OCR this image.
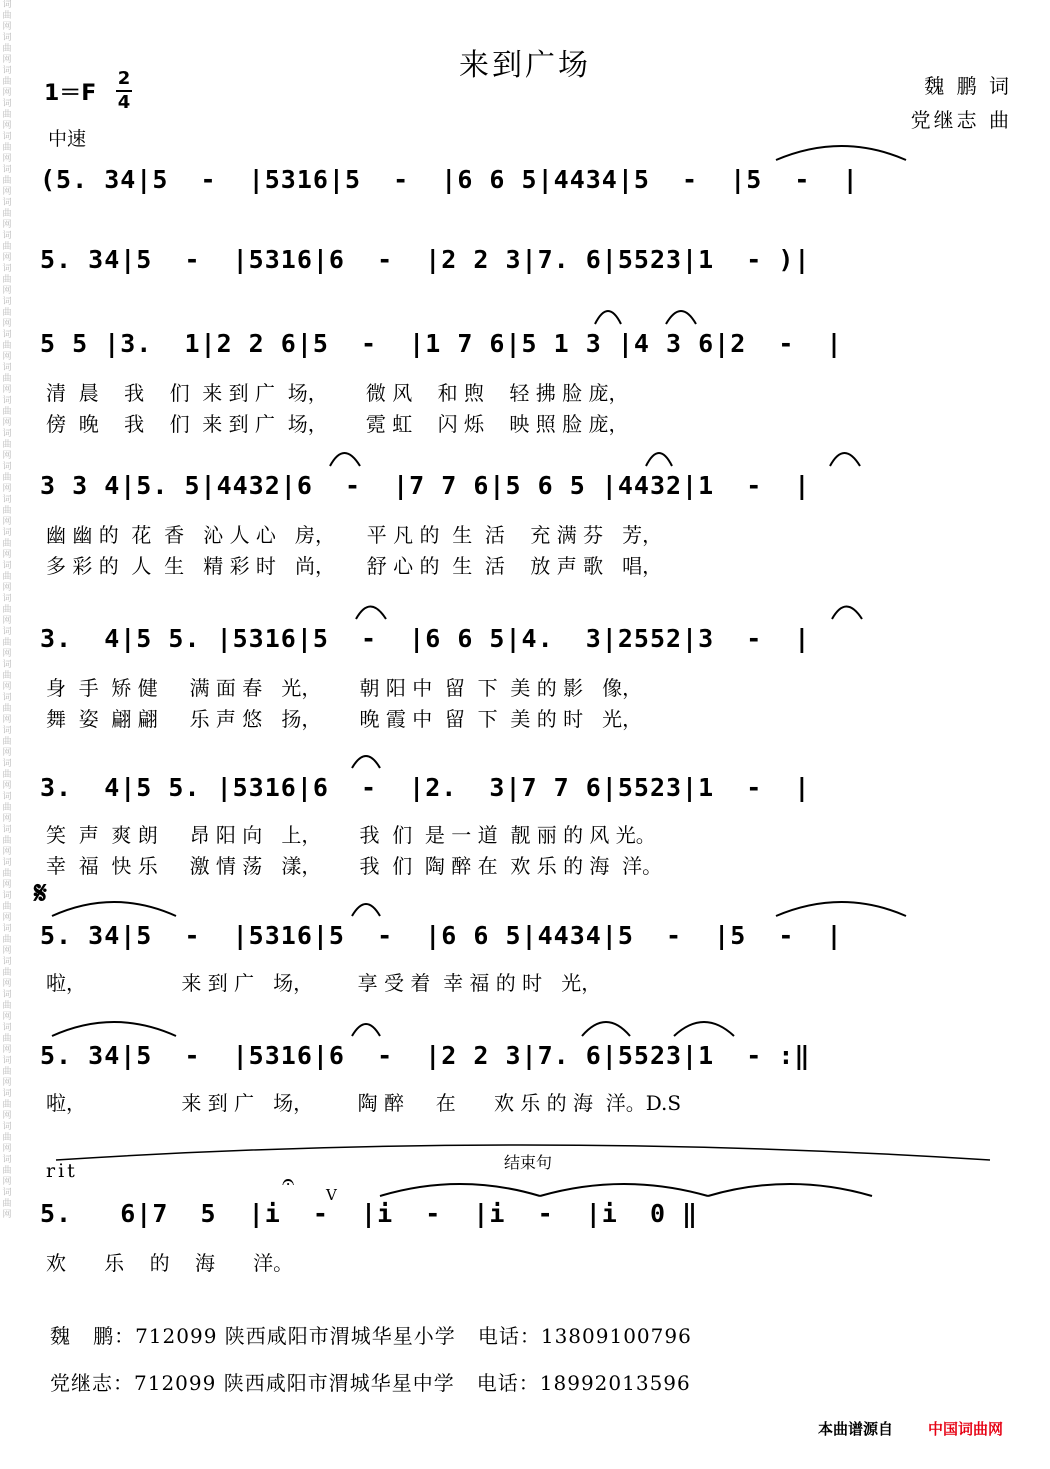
词曲网词曲网词曲网词曲网词曲网词曲网词曲网词曲网词曲网词曲网词曲网词曲网词曲网词曲网词曲网词曲网词曲网词曲网词曲网词曲网词曲网词曲网词曲网词曲网词曲网词曲网词曲网词曲网词曲网词曲网词曲网词曲网词曲网词曲网词曲网词曲网词曲网
来到广场
1＝F
2
4
中速
魏 鹏 词
党继志 曲
(5. 34|5  -  |5316|5  -  |6 6 5|4434|5  -  |5  -  |
5. 34|5  -  |5316|6  -  |2 2 3|7. 6|5523|1  - )|
5 5 |3.  1|2 2 6|5  -  |1 7 6|5 1 3 |4 3 6|2  -  |
清  晨    我    们  来 到 广  场，      微 风    和 煦    轻 拂 脸 庞，
傍  晚    我    们  来 到 广  场，      霓 虹    闪 烁    映 照 脸 庞，
3 3 4|5. 5|4432|6  -  |7 7 6|5 6 5 |4432|1  -  |
幽 幽 的  花  香   沁 人 心   房，     平 凡 的  生  活    充 满 芬   芳，
多 彩 的  人  生   精 彩 时   尚，     舒 心 的  生  活    放 声 歌   唱，
3.  4|5 5. |5316|5  -  |6 6 5|4.  3|2552|3  -  |
身  手  矫 健     满 面 春   光，      朝 阳 中  留  下  美 的 影   像，
舞  姿  翩 翩     乐 声 悠   扬，      晚 霞 中  留  下  美 的 时   光，
3.  4|5 5. |5316|6  -  |2.  3|7 7 6|5523|1  -  |
笑  声  爽 朗     昂 阳 向   上，      我  们  是 一 道  靓 丽 的 风 光。
幸  福  快 乐     激 情 荡   漾，      我  们  陶 醉 在  欢 乐 的 海  洋。
𝄋
5. 34|5  -  |5316|5  -  |6 6 5|4434|5  -  |5  -  |
啦，               来 到 广   场，       享 受 着  幸 福 的 时   光，
5. 34|5  -  |5316|6  -  |2 2 3|7. 6|5523|1  - :‖
啦，               来 到 广   场，       陶 醉     在      欢 乐 的 海  洋。D.S
结束句
rit	𝄐 V
5.   6|7  5  |i  -  |i  -  |i  -  |i  0 ‖
欢      乐    的    海      洋。
魏   鹏：712099 陕西咸阳市渭城华星小学   电话：13809100796
党继志：712099 陕西咸阳市渭城华星中学   电话：18992013596
本曲谱源自 中国词曲网
